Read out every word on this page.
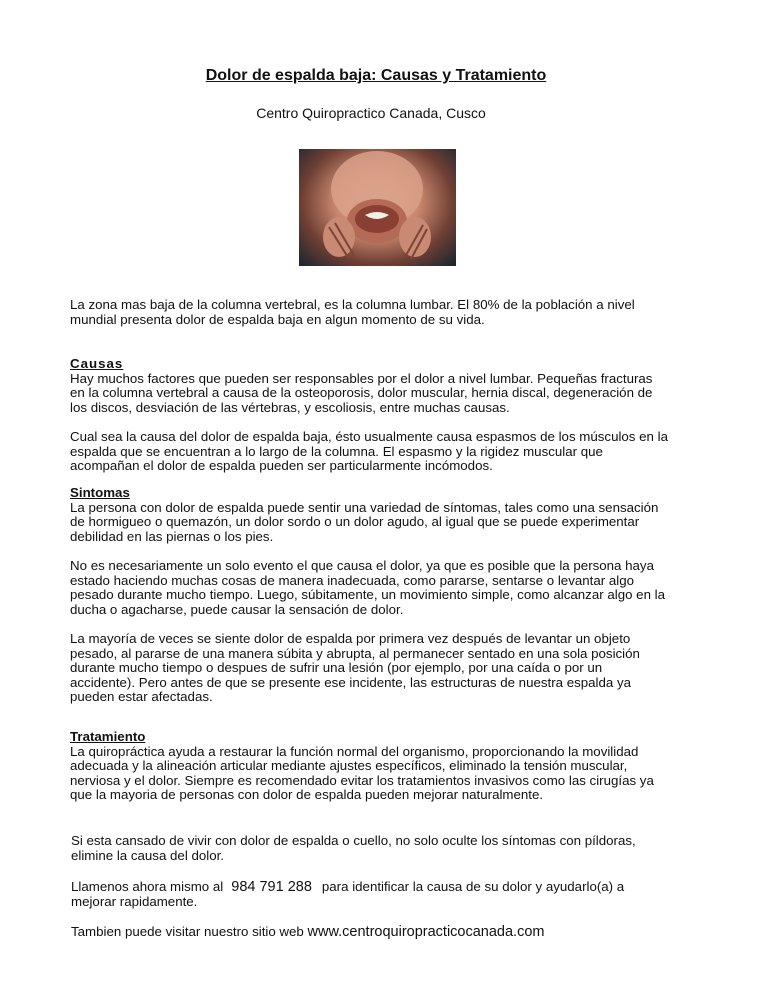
Dolor de espalda baja: Causas y Tratamiento

Centro Quiropractico Canada, Cusco

La zona mas baja de la columna vertebral, es la columna lumbar. El 80% de la población a nivel mundial presenta dolor de espalda baja en algun momento de su vida.

Causas

Hay muchos factores que pueden ser responsables por el dolor a nivel lumbar. Pequeñas fracturas en la columna vertebral a causa de la osteoporosis, dolor muscular, hernia discal, degeneración de los discos, desviación de las vértebras, y escoliosis, entre muchas causas.

Cual sea la causa del dolor de espalda baja, ésto usualmente causa espasmos de los músculos en la espalda que se encuentran a lo largo de la columna. El espasmo y la rigidez muscular que acompañan el dolor de espalda pueden ser particularmente incómodos.

Sintomas

La persona con dolor de espalda puede sentir una variedad de síntomas, tales como una sensación de hormigueo o quemazón, un dolor sordo o un dolor agudo, al igual que se puede experimentar debilidad en las piernas o los pies.

No es necesariamente un solo evento el que causa el dolor, ya que es posible que la persona haya estado haciendo muchas cosas de manera inadecuada, como pararse, sentarse o levantar algo pesado durante mucho tiempo. Luego, súbitamente, un movimiento simple, como alcanzar algo en la ducha o agacharse, puede causar la sensación de dolor.

La mayoría de veces se siente dolor de espalda por primera vez después de levantar un objeto pesado, al pararse de una manera súbita y abrupta, al permanecer sentado en una sola posición durante mucho tiempo o despues de sufrir una lesión (por ejemplo, por una caída o por un accidente). Pero antes de que se presente ese incidente, las estructuras de nuestra espalda ya pueden estar afectadas.

Tratamiento

La quiropráctica ayuda a restaurar la función normal del organismo, proporcionando la movilidad adecuada y la alineación articular mediante ajustes específicos, eliminado la tensión muscular, nerviosa y el dolor. Siempre es recomendado evitar los tratamientos invasivos como las cirugías ya que la mayoria de personas con dolor de espalda pueden mejorar naturalmente.

Si esta cansado de vivir con dolor de espalda o cuello, no solo oculte los síntomas con píldoras, elimine la causa del dolor.

Llamenos ahora mismo al 984 791 288 para identificar la causa de su dolor y ayudarlo(a) a

mejorar rapidamente.

Tambien puede visitar nuestro sitio web www.centroquiropracticocanada.com
